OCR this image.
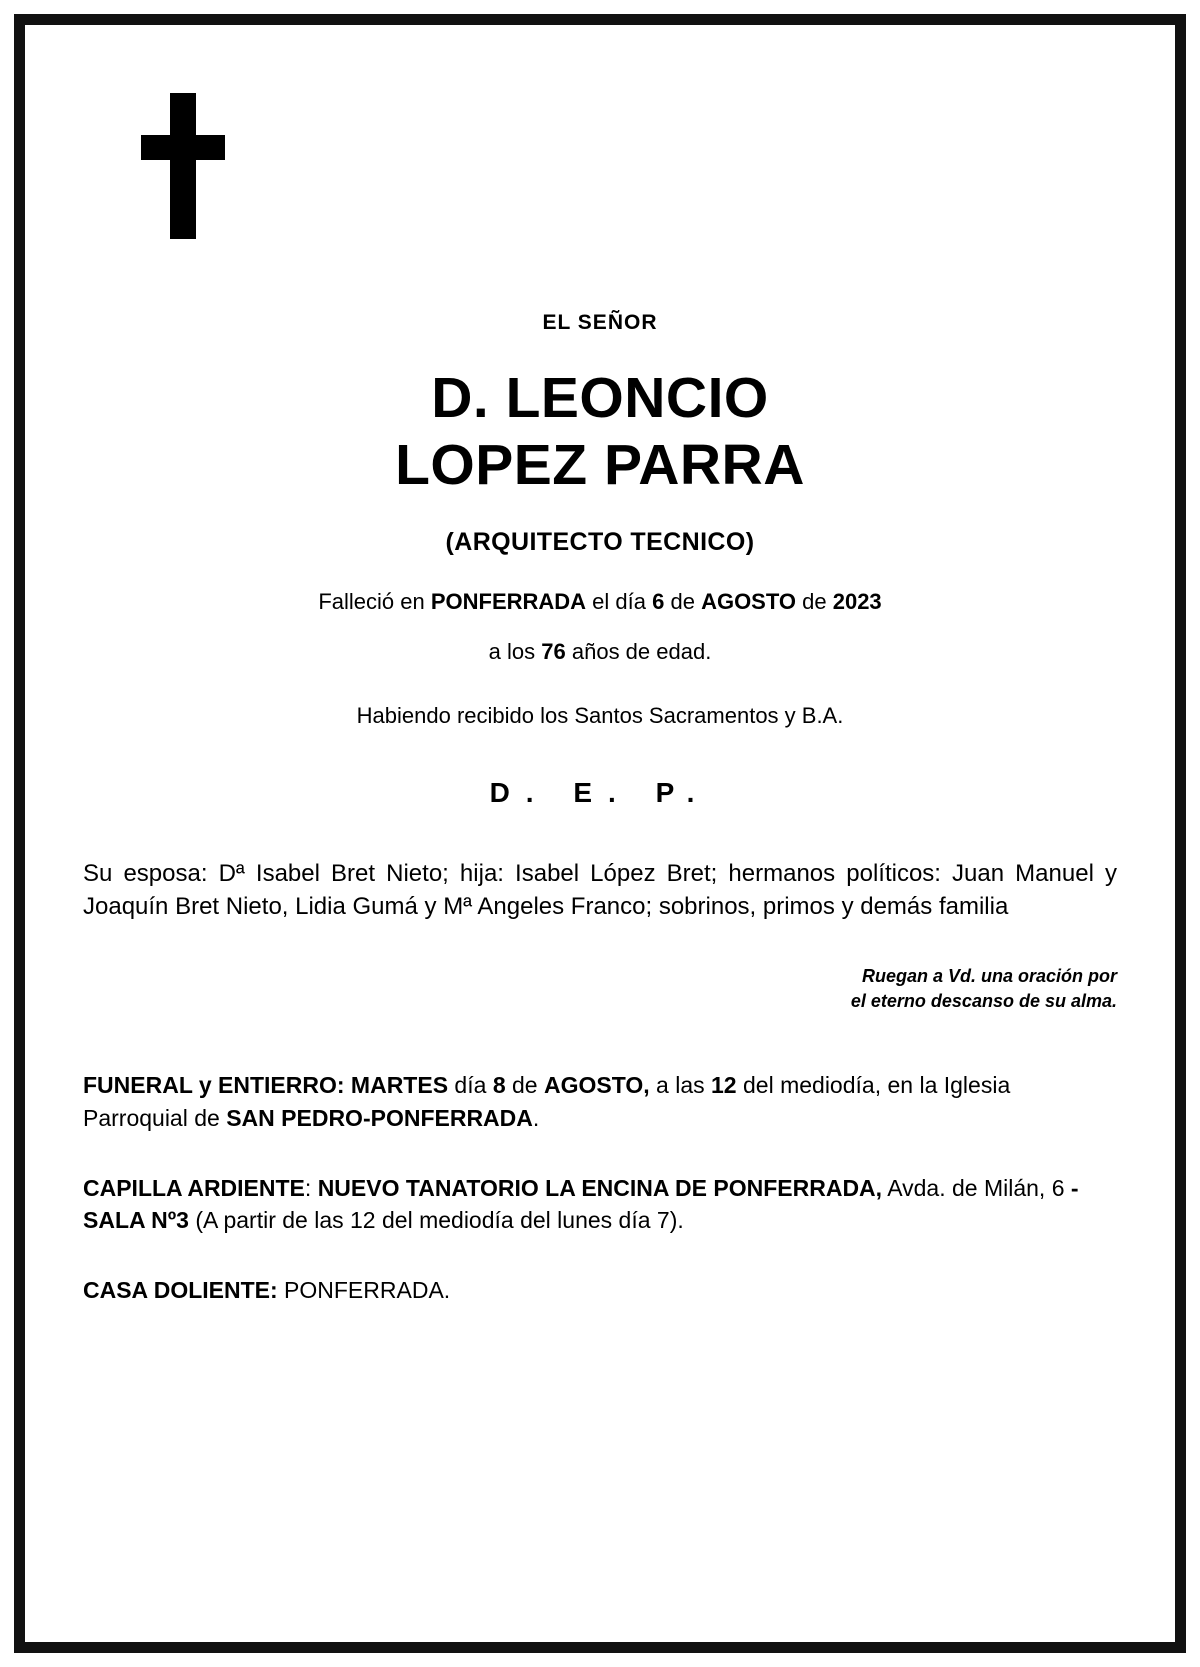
EL SEÑOR
D. LEONCIO
LOPEZ PARRA
(ARQUITECTO TECNICO)
Falleció en PONFERRADA el día 6 de AGOSTO de 2023
a los 76 años de edad.
Habiendo recibido los Santos Sacramentos y B.A.
D. E. P.
Su esposa: Dª Isabel Bret Nieto; hija: Isabel López Bret; hermanos políticos: Juan Manuel y Joaquín Bret Nieto, Lidia Gumá y Mª Angeles Franco; sobrinos, primos y demás familia
Ruegan a Vd. una oración por
el eterno descanso de su alma.
FUNERAL y ENTIERRO: MARTES día 8 de AGOSTO, a las 12 del mediodía, en la Iglesia Parroquial de SAN PEDRO-PONFERRADA.
CAPILLA ARDIENTE: NUEVO TANATORIO LA ENCINA DE PONFERRADA, Avda. de Milán, 6 - SALA Nº3 (A partir de las 12 del mediodía del lunes día 7).
CASA DOLIENTE: PONFERRADA.
